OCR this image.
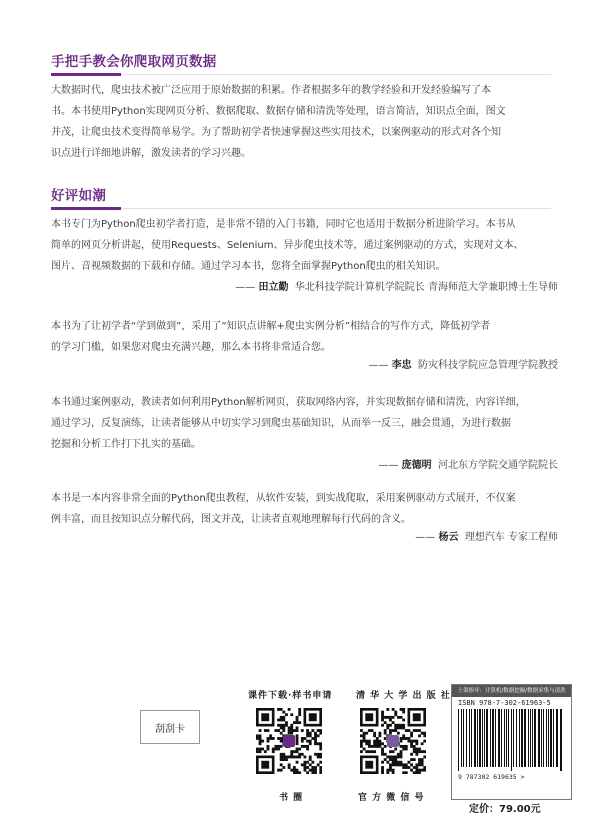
手把手教会你爬取网页数据
大数据时代，爬虫技术被广泛应用于原始数据的积累。作者根据多年的教学经验和开发经验编写了本
书。本书使用Python实现网页分析、数据爬取、数据存储和清洗等处理，语言简洁，知识点全面，图文
并茂，让爬虫技术变得简单易学。为了帮助初学者快速掌握这些实用技术，以案例驱动的形式对各个知
识点进行详细地讲解，激发读者的学习兴趣。
好评如潮
本书专门为Python爬虫初学者打造，是非常不错的入门书籍，同时它也适用于数据分析进阶学习。本书从
简单的网页分析讲起，使用Requests、Selenium、异步爬虫技术等，通过案例驱动的方式，实现对文本、
图片、音视频数据的下载和存储。通过学习本书，您将全面掌握Python爬虫的相关知识。
—— 田立勤 华北科技学院计算机学院院长 青海师范大学兼职博士生导师
本书为了让初学者“学到做到”，采用了“知识点讲解+爬虫实例分析”相结合的写作方式，降低初学者
的学习门槛，如果您对爬虫充满兴趣，那么本书将非常适合您。
—— 李忠 防灾科技学院应急管理学院教授
本书通过案例驱动，教读者如何利用Python解析网页，获取网络内容，并实现数据存储和清洗，内容详细，
通过学习，反复演练，让读者能够从中切实学习到爬虫基础知识，从而举一反三，融会贯通，为进行数据
挖掘和分析工作打下扎实的基础。
—— 庞德明 河北东方学院交通学院院长
本书是一本内容非常全面的Python爬虫教程，从软件安装，到实战爬取，采用案例驱动方式展开，不仅案
例丰富，而且按知识点分解代码，图文并茂，让读者直观地理解每行代码的含义。
—— 杨云 理想汽车 专家工程师
刮刮卡
课件下载·样书申请
书 圈
清 华 大 学 出 版 社
官 方 微 信 号
上架指导：计算机/数据挖掘/数据采集与清洗
ISBN 978-7-302-61963-5
9 787302 619635 >
定价：79.00元
